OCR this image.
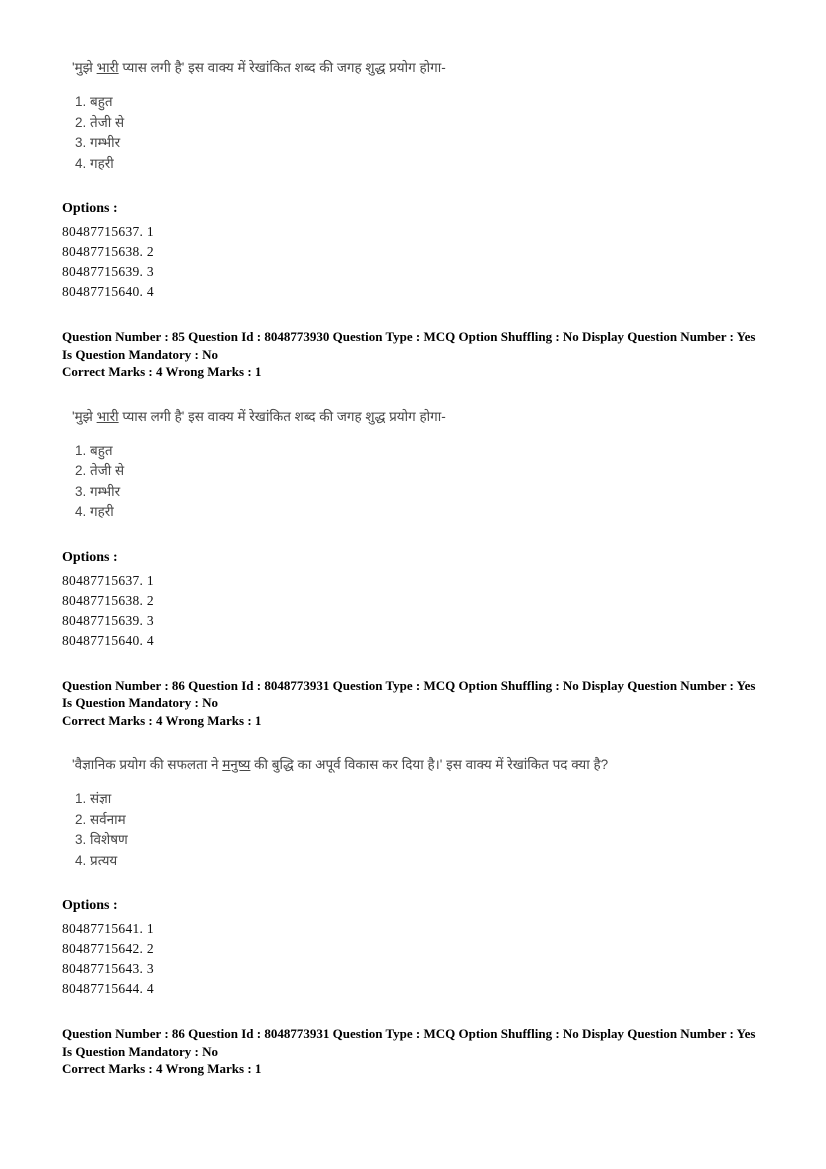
'मुझे भारी प्यास लगी है' इस वाक्य में रेखांकित शब्द की जगह शुद्ध प्रयोग होगा-

1. बहुत
2. तेजी से
3. गम्भीर
4. गहरी
Options :
80487715637. 1
80487715638. 2
80487715639. 3
80487715640. 4
Question Number : 85 Question Id : 8048773930 Question Type : MCQ Option Shuffling : No Display Question Number : Yes
Is Question Mandatory : No
Correct Marks : 4 Wrong Marks : 1

'मुझे भारी प्यास लगी है' इस वाक्य में रेखांकित शब्द की जगह शुद्ध प्रयोग होगा-

1. बहुत
2. तेजी से
3. गम्भीर
4. गहरी
Options :
80487715637. 1
80487715638. 2
80487715639. 3
80487715640. 4
Question Number : 86 Question Id : 8048773931 Question Type : MCQ Option Shuffling : No Display Question Number : Yes
Is Question Mandatory : No
Correct Marks : 4 Wrong Marks : 1

'वैज्ञानिक प्रयोग की सफलता ने मनुष्य की बुद्धि का अपूर्व विकास कर दिया है।' इस वाक्य में रेखांकित पद क्या है?

1. संज्ञा
2. सर्वनाम
3. विशेषण
4. प्रत्यय
Options :
80487715641. 1
80487715642. 2
80487715643. 3
80487715644. 4
Question Number : 86 Question Id : 8048773931 Question Type : MCQ Option Shuffling : No Display Question Number : Yes
Is Question Mandatory : No
Correct Marks : 4 Wrong Marks : 1
